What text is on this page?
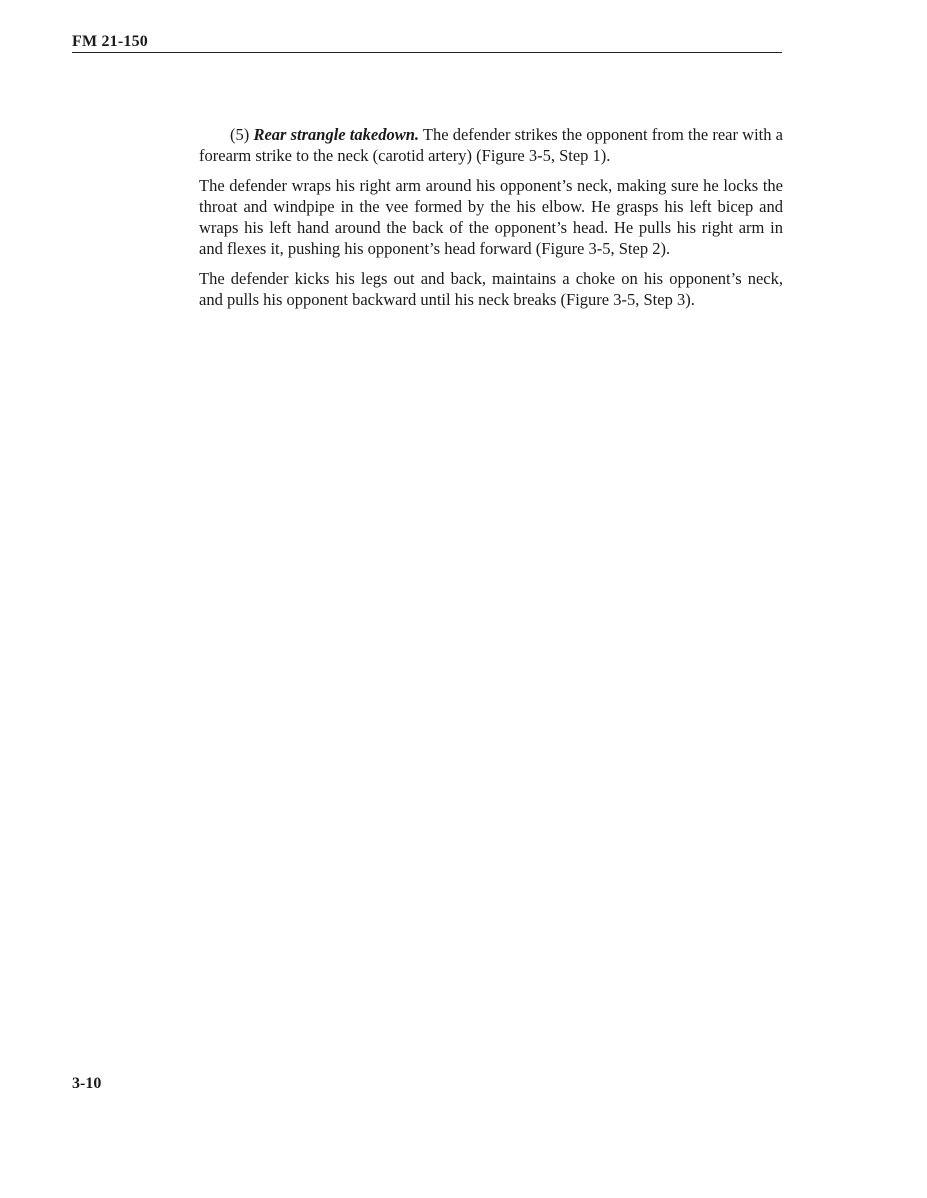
FM 21-150

(5) Rear strangle takedown. The defender strikes the opponent from the rear with a forearm strike to the neck (carotid artery) (Figure 3-5, Step 1).

The defender wraps his right arm around his opponent’s neck, making sure he locks the throat and windpipe in the vee formed by the his elbow. He grasps his left bicep and wraps his left hand around the back of the opponent’s head. He pulls his right arm in and flexes it, pushing his opponent’s head forward (Figure 3-5, Step 2).

The defender kicks his legs out and back, maintains a choke on his opponent’s neck, and pulls his opponent backward until his neck breaks (Figure 3-5, Step 3).

3-10
